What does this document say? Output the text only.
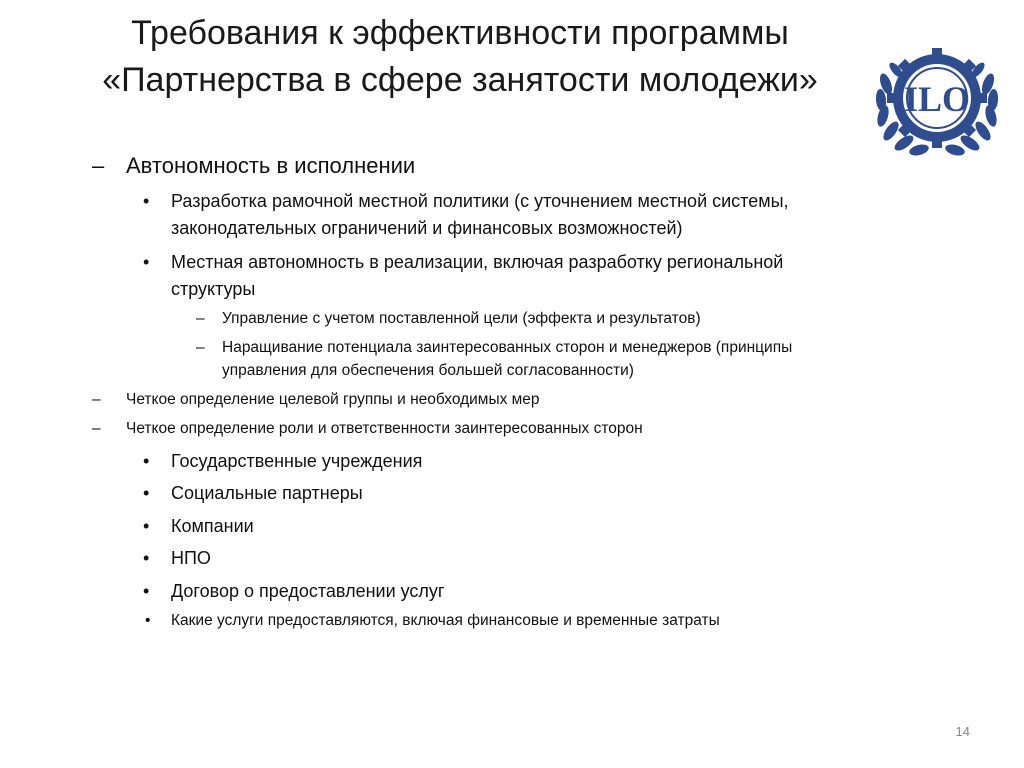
Требования к эффективности программы
«Партнерства в сфере занятости молодежи»	ILO
– Автономность в исполнении
• Разработка рамочной местной политики (с уточнением местной системы,
законодательных ограничений и финансовых возможностей)
• Местная автономность в реализации, включая разработку региональной
структуры
– Управление с учетом поставленной цели (эффекта и результатов)
– Наращивание потенциала заинтересованных сторон и менеджеров (принципы
управления для обеспечения большей согласованности)
– Четкое определение целевой группы и необходимых мер
– Четкое определение роли и ответственности заинтересованных сторон
• Государственные учреждения
• Социальные партнеры
• Компании
• НПО
• Договор о предоставлении услуг
• Какие услуги предоставляются, включая финансовые и временные затраты
14
